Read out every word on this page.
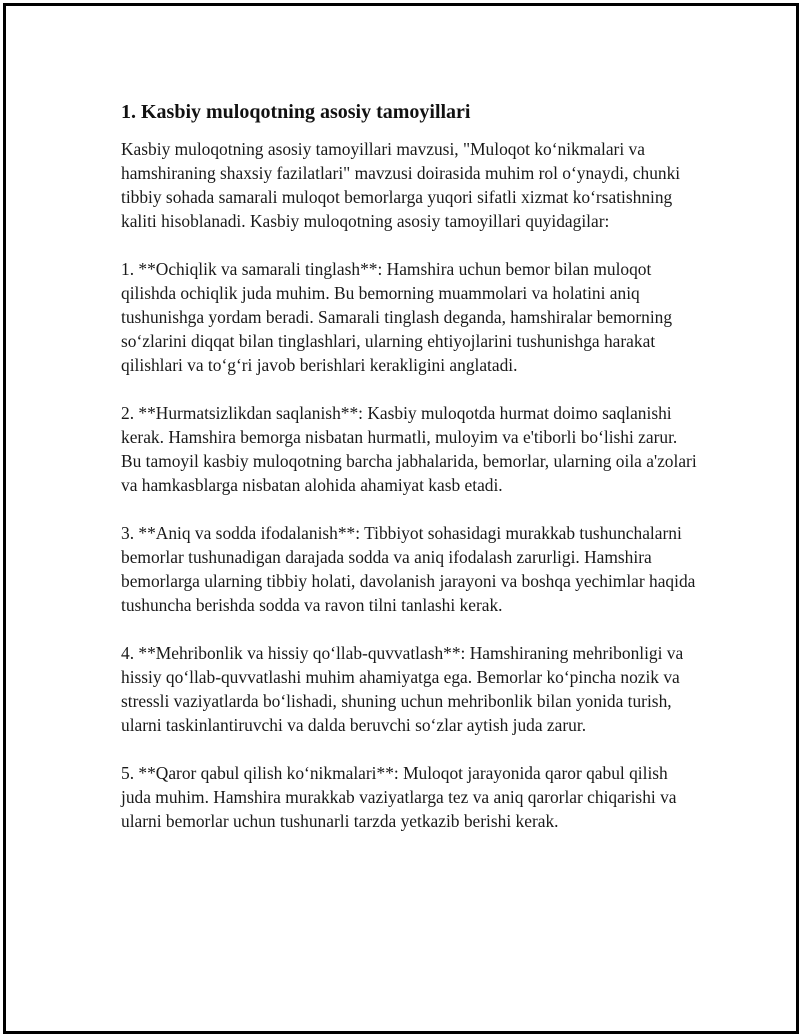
1. Kasbiy muloqotning asosiy tamoyillari

Kasbiy muloqotning asosiy tamoyillari mavzusi, "Muloqot koʻnikmalari va hamshiraning shaxsiy fazilatlari" mavzusi doirasida muhim rol oʻynaydi, chunki tibbiy sohada samarali muloqot bemorlarga yuqori sifatli xizmat koʻrsatishning kaliti hisoblanadi. Kasbiy muloqotning asosiy tamoyillari quyidagilar:

1. **Ochiqlik va samarali tinglash**: Hamshira uchun bemor bilan muloqot qilishda ochiqlik juda muhim. Bu bemorning muammolari va holatini aniq tushunishga yordam beradi. Samarali tinglash deganda, hamshiralar bemorning soʻzlarini diqqat bilan tinglashlari, ularning ehtiyojlarini tushunishga harakat qilishlari va toʻgʻri javob berishlari kerakligini anglatadi.

2. **Hurmatsizlikdan saqlanish**: Kasbiy muloqotda hurmat doimo saqlanishi kerak. Hamshira bemorga nisbatan hurmatli, muloyim va e'tiborli boʻlishi zarur. Bu tamoyil kasbiy muloqotning barcha jabhalarida, bemorlar, ularning oila a'zolari va hamkasblarga nisbatan alohida ahamiyat kasb etadi.

3. **Aniq va sodda ifodalanish**: Tibbiyot sohasidagi murakkab tushunchalarni bemorlar tushunadigan darajada sodda va aniq ifodalash zarurligi. Hamshira bemorlarga ularning tibbiy holati, davolanish jarayoni va boshqa yechimlar haqida tushuncha berishda sodda va ravon tilni tanlashi kerak.

4. **Mehribonlik va hissiy qoʻllab-quvvatlash**: Hamshiraning mehribonligi va hissiy qoʻllab-quvvatlashi muhim ahamiyatga ega. Bemorlar koʻpincha nozik va stressli vaziyatlarda boʻlishadi, shuning uchun mehribonlik bilan yonida turish, ularni taskinlantiruvchi va dalda beruvchi soʻzlar aytish juda zarur.

5. **Qaror qabul qilish koʻnikmalari**: Muloqot jarayonida qaror qabul qilish juda muhim. Hamshira murakkab vaziyatlarga tez va aniq qarorlar chiqarishi va ularni bemorlar uchun tushunarli tarzda yetkazib berishi kerak.
